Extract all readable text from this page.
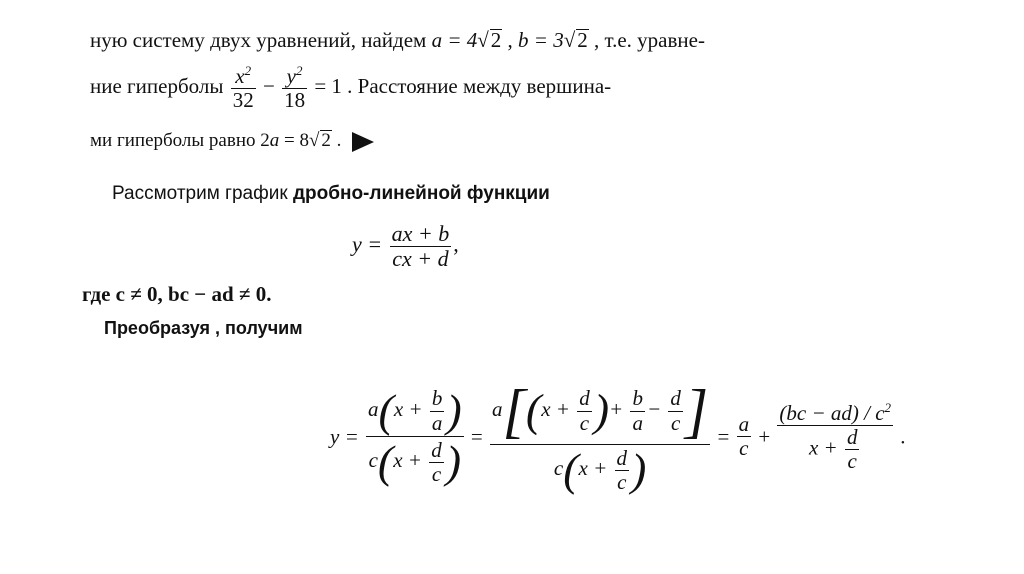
ную систему двух уравнений, найдем a = 4√2 , b = 3√2 , т.е. уравне-
ние гиперболы $\frac{x^2}{32} - \frac{y^2}{18} = 1$ . Расстояние между вершина-
ми гиперболы равно 2a = 8√ 2 .
Рассмотрим график дробно-линейной функции
$y = \frac{ax + b}{cx + d}$ ,
где c ≠ 0, bc − ad ≠ 0.
Преобразуя , получим
$y = \frac{a(x + \frac{b}{a} )}{c(x + \frac{d}{c} )} = \frac{a[(x + \frac{d}{c} )+ \frac{b}{a} - \frac{d}{c} ]}{c(x + \frac{d}{c} )} = \frac{a}{c} + \frac{(bc - ad) / c^2}{x + \frac{d}{c}}$ .
